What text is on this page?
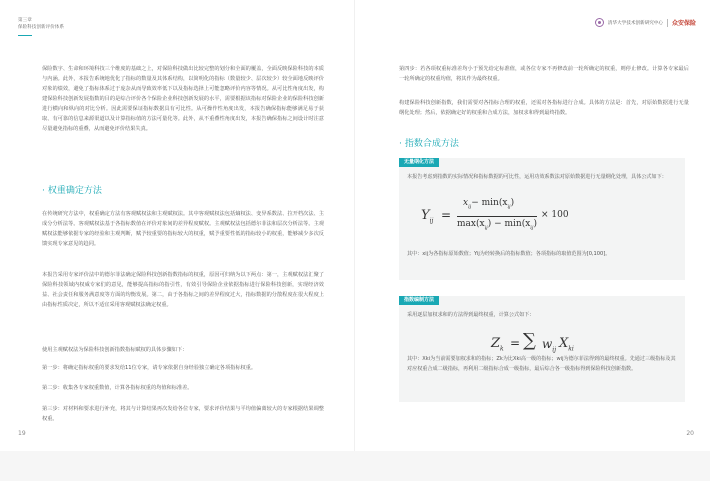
第三章
保险科技创新评价体系

保险数字、生命和环境科技三个维度的基础之上，对保险科技做出比较完整的划分和全面的覆盖，全面反映保险科技的本质与内涵。此外，本报告系统地优化了指标的数量及其体系结构，以简明化的指标（数量较少、层次较少）较全面地反映评价对象的绩效，避免了指标体系过于庞杂从而导致效率低下以及指标选择上可能忽略评价内容等情况。从可比性角度出发，构建保险科技创新发展指数的目的是综合评价各个保险企业科技创新发展的水平，需要根据该指标对保险企业的保险科技创新进行横向和纵向的对比分析。因此需要保证指标数据具有可比性。从可操作性角度出发，本报告确保指标能够满足易于获取、有可靠的信息来源渠道以及计算指标值的方法可量化等。此外，从不重叠性角度出发，本报告确保指标之间设计时注意尽量避免指标的重叠，从而避免评价结果失真。

· 权重确定方法

在传统研究方法中，权重确定方法有客观赋权法和主观赋权法。其中客观赋权法包括熵权法、变异系数法、拉开档次法、主成分分析法等。客观赋权法基于各指标数值在评价对象间的差异程度赋权。主观赋权法包括德尔菲法和层次分析法等。主观赋权法能够依据专家的经验和主观判断，赋予较重要的指标较大的权重，赋予重要性低的指标较小的权重，能够减少多次反馈实现专家意见的趋同。

本报告采用专家评价法中的德尔菲法确定保险科技创新指数指标的权重，原因可归纳为以下两点：第一，主观赋权法汇聚了保险科技领域内权威专家们的意见，能够提高指标的指引性，有效引导保险企业依据指标进行保险科技创新，实现经济效益、社会责任和服务满意度等方面的均衡发展。第二，由于各指标之间的差异程度过大，指标数据的分散程度在很大程度上由指标性质决定，所以不适宜采用客观赋权法确定权重。

使用主观赋权法为保险科技创新指数指标赋权的具体步骤如下：

第一步：将确定指标权重的要求发给11位专家，请专家依据自身经验独立确定各项指标权重。

第二步：收集各专家权重数值，计算各指标权重的均值和标准差。

第三步：对材料和要求进行补充，将其与计算结果再次发给各位专家，要求评价结果与平均值偏离较大的专家根据结果调整权重。

19
清华大学技术创新研究中心 众安保险

第四步：若各项权重标准差均小于预先给定标准值，或各位专家不再修改前一轮所确定的权重，则停止修改。计算各专家最后一轮所确定的权重均值，将其作为最终权重。

构建保险科技创新指数，我们需要对各指标合理的权重，还需对各指标进行合成。具体的方法是：首先，对原始数据进行无量纲化处理；然后，依据确定好的权重和合成方法，加权求和得到最终指数。

· 指数合成方法
无量纲化方法

本报告考虑到指数的实际情况和指标数据的可比性，运用功效系数法对原始数据进行无量纲化处理，具体公式如下：

$Y_{ij}$ =
$x_{ij}- \min(x_{ij})$
$\max(x_{ij}) - \min(x_{ij})$
× 100

其中：xij为各指标原始数值；Yij为经转换后的指标数值；各项指标的取值范围为[0,100]。

指数编制方法

采用逐层加权求和的方法得到最终权重，计算公式如下：

$Z_k$ = ∑ $w_{ij}$ $X_{ki}$

其中：Xki为当前需要加权求和的指标；Zk为比Xki高一级的指标；wij为德尔菲法得到的最终权重。先通过三级指标及其对应权重合成二级指标，再利用二级指标合成一级指标，最后综合各一级指标得到保险科技创新指数。

20
